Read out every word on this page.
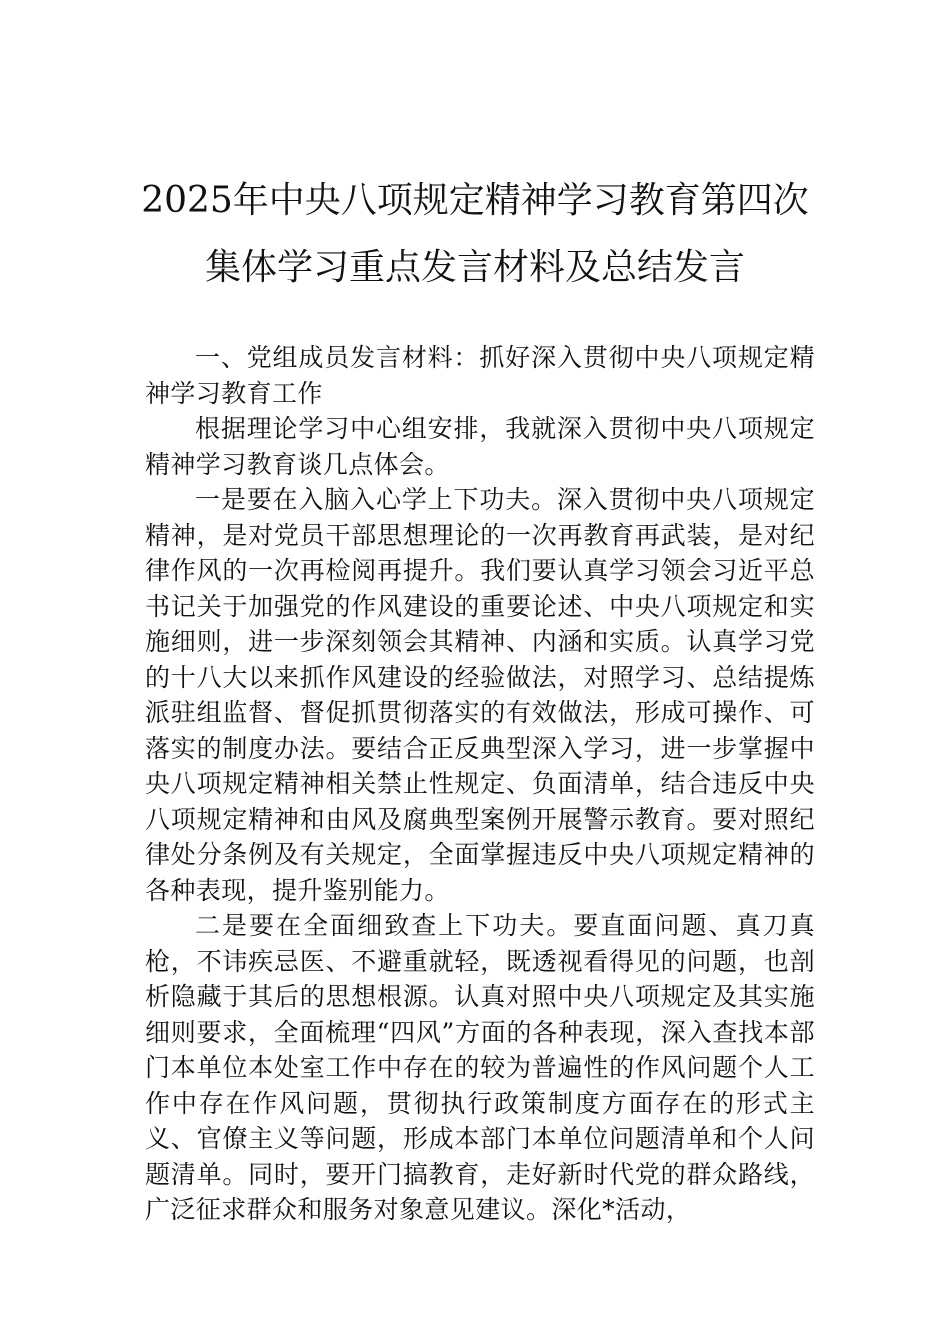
2025年中央八项规定精神学习教育第四次
集体学习重点发言材料及总结发言

一、党组成员发言材料：抓好深入贯彻中央八项规定精神学习教育工作

根据理论学习中心组安排，我就深入贯彻中央八项规定精神学习教育谈几点体会。

一是要在入脑入心学上下功夫。深入贯彻中央八项规定精神，是对党员干部思想理论的一次再教育再武装，是对纪律作风的一次再检阅再提升。我们要认真学习领会习近平总书记关于加强党的作风建设的重要论述、中央八项规定和实施细则，进一步深刻领会其精神、内涵和实质。认真学习党的十八大以来抓作风建设的经验做法，对照学习、总结提炼派驻组监督、督促抓贯彻落实的有效做法，形成可操作、可落实的制度办法。要结合正反典型深入学习，进一步掌握中央八项规定精神相关禁止性规定、负面清单，结合违反中央八项规定精神和由风及腐典型案例开展警示教育。要对照纪律处分条例及有关规定，全面掌握违反中央八项规定精神的各种表现，提升鉴别能力。

二是要在全面细致查上下功夫。要直面问题、真刀真枪，不讳疾忌医、不避重就轻，既透视看得见的问题，也剖析隐藏于其后的思想根源。认真对照中央八项规定及其实施细则要求，全面梳理“四风”方面的各种表现，深入查找本部门本单位本处室工作中存在的较为普遍性的作风问题个人工作中存在作风问题，贯彻执行政策制度方面存在的形式主义、官僚主义等问题，形成本部门本单位问题清单和个人问题清单。同时，要开门搞教育，走好新时代党的群众路线，广泛征求群众和服务对象意见建议。深化*活动，
